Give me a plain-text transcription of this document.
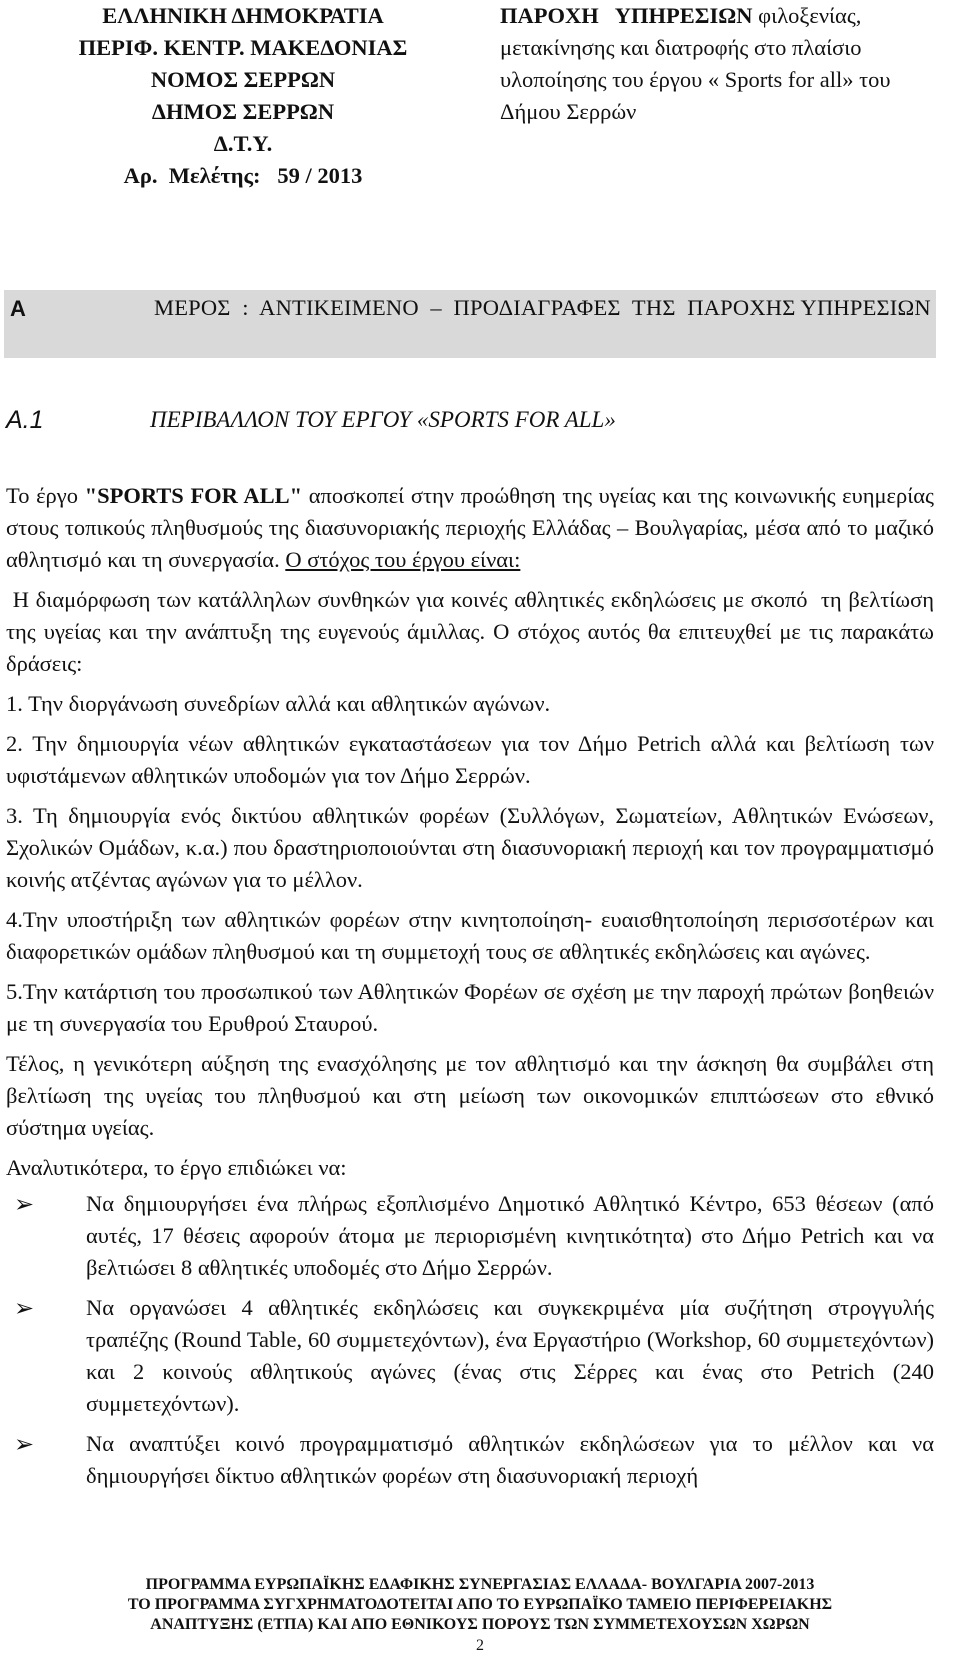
ΕΛΛΗΝΙΚΗ ΔΗΜΟΚΡΑΤΙΑ
ΠΕΡΙΦ. ΚΕΝΤΡ. ΜΑΚΕΔΟΝΙΑΣ
ΝΟΜΟΣ ΣΕΡΡΩΝ
ΔΗΜΟΣ ΣΕΡΡΩΝ
Δ.Τ.Υ.
Αρ.  Μελέτης:   59 / 2013
ΠΑΡΟΧΗ   ΥΠΗΡΕΣΙΩΝ φιλοξενίας, μετακίνησης και διατροφής στο πλαίσιο υλοποίησης του έργου « Sports for all» του Δήμου Σερρών
Α	ΜΕΡΟΣ  :  ΑΝΤΙΚΕΙΜΕΝΟ  –  ΠΡΟΔΙΑΓΡΑΦΕΣ  ΤΗΣ  ΠΑΡΟΧΗΣ ΥΠΗΡΕΣΙΩΝ
Α.1	ΠΕΡΙΒΑΛΛΟΝ ΤΟΥ ΕΡΓΟΥ «SPORTS FOR ALL»

Το έργο "SPORTS FOR ALL" αποσκοπεί στην προώθηση της υγείας και της κοινωνικής ευημερίας στους τοπικούς πληθυσμούς της διασυνοριακής περιοχής Ελλάδας – Βουλγαρίας, μέσα από το μαζικό αθλητισμό και τη συνεργασία. Ο στόχος του έργου είναι:

Η διαμόρφωση των κατάλληλων συνθηκών για κοινές αθλητικές εκδηλώσεις με σκοπό  τη βελτίωση της υγείας και την ανάπτυξη της ευγενούς άμιλλας. Ο στόχος αυτός θα επιτευχθεί με τις παρακάτω δράσεις:

1. Την διοργάνωση συνεδρίων αλλά και αθλητικών αγώνων.

2. Την δημιουργία νέων αθλητικών εγκαταστάσεων για τον Δήμο Petrich αλλά και βελτίωση των υφιστάμενων αθλητικών υποδομών για τον Δήμο Σερρών.

3. Τη δημιουργία ενός δικτύου αθλητικών φορέων (Συλλόγων, Σωματείων, Αθλητικών Ενώσεων, Σχολικών Ομάδων, κ.α.) που δραστηριοποιούνται στη διασυνοριακή περιοχή και τον προγραμματισμό κοινής ατζέντας αγώνων για το μέλλον.

4.Την υποστήριξη των αθλητικών φορέων στην κινητοποίηση- ευαισθητοποίηση περισσοτέρων και διαφορετικών ομάδων πληθυσμού και τη συμμετοχή τους σε αθλητικές εκδηλώσεις και αγώνες.

5.Την κατάρτιση του προσωπικού των Αθλητικών Φορέων σε σχέση με την παροχή πρώτων βοηθειών με τη συνεργασία του Ερυθρού Σταυρού.

Τέλος, η γενικότερη αύξηση της ενασχόλησης με τον αθλητισμό και την άσκηση θα συμβάλει στη βελτίωση της υγείας του πληθυσμού και στη μείωση των οικονομικών επιπτώσεων στο εθνικό σύστημα υγείας.

Αναλυτικότερα, το έργο επιδιώκει να:

➢ Να δημιουργήσει ένα πλήρως εξοπλισμένο Δημοτικό Αθλητικό Κέντρο, 653 θέσεων (από αυτές, 17 θέσεις αφορούν άτομα με περιορισμένη κινητικότητα) στο Δήμο Petrich και να βελτιώσει 8 αθλητικές υποδομές στο Δήμο Σερρών.
➢ Να οργανώσει 4 αθλητικές εκδηλώσεις και συγκεκριμένα μία συζήτηση στρογγυλής τραπέζης (Round Table, 60 συμμετεχόντων), ένα Εργαστήριο (Workshop, 60 συμμετεχόντων) και 2 κοινούς αθλητικούς αγώνες (ένας στις Σέρρες και ένας στο Petrich (240 συμμετεχόντων).
➢ Να αναπτύξει κοινό προγραμματισμό αθλητικών εκδηλώσεων για το μέλλον και να δημιουργήσει δίκτυο αθλητικών φορέων στη διασυνοριακή περιοχή
ΠΡΟΓΡΑΜΜΑ ΕΥΡΩΠΑΪΚΗΣ ΕΔΑΦΙΚΗΣ ΣΥΝΕΡΓΑΣΙΑΣ ΕΛΛΑΔΑ- ΒΟΥΛΓΑΡΙΑ 2007-2013
ΤΟ ΠΡΟΓΡΑΜΜΑ ΣΥΓΧΡΗΜΑΤΟΔΟΤΕΙΤΑΙ ΑΠΟ ΤΟ ΕΥΡΩΠΑΪΚΟ ΤΑΜΕΙΟ ΠΕΡΙΦΕΡΕΙΑΚΗΣ
ΑΝΑΠΤΥΞΗΣ (ΕΤΠΑ) ΚΑΙ ΑΠΟ ΕΘΝΙΚΟΥΣ ΠΟΡΟΥΣ ΤΩΝ ΣΥΜΜΕΤΕΧΟΥΣΩΝ ΧΩΡΩΝ
2
